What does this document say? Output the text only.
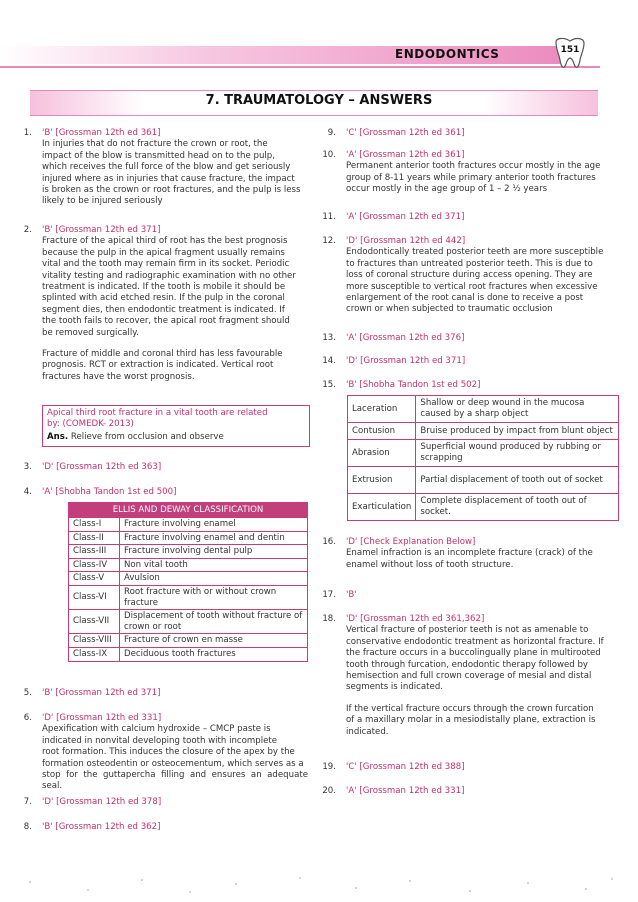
ENDODONTICS	151
7. TRAUMATOLOGY – ANSWERS
1. 'B' [Grossman 12th ed 361]
In injuries that do not fracture the crown or root, the
impact of the blow is transmitted head on to the pulp,
which receives the full force of the blow and get seriously
injured where as in injuries that cause fracture, the impact
is broken as the crown or root fractures, and the pulp is less
likely to be injured seriously
2. 'B' [Grossman 12th ed 371]
Fracture of the apical third of root has the best prognosis
because the pulp in the apical fragment usually remains
vital and the tooth may remain firm in its socket. Periodic
vitality testing and radiographic examination with no other
treatment is indicated. If the tooth is mobile it should be
splinted with acid etched resin. If the pulp in the coronal
segment dies, then endodontic treatment is indicated. If
the tooth fails to recover, the apical root fragment should
be removed surgically.
Fracture of middle and coronal third has less favourable
prognosis. RCT or extraction is indicated. Vertical root
fractures have the worst prognosis.
Apical third root fracture in a vital tooth are related
by: (COMEDK- 2013)
Ans. Relieve from occlusion and observe
3. 'D' [Grossman 12th ed 363]
4. 'A' [Shobha Tandon 1st ed 500]
ELLIS AND DEWAY CLASSIFICATION	
Class-I	Fracture involving enamel
Class-II	Fracture involving enamel and dentin
Class-III	Fracture involving dental pulp
Class-IV	Non vital tooth
Class-V	Avulsion
Class-VI	Root fracture with or without crown fracture
Class-VII	Displacement of tooth without fracture of crown or root
Class-VIII	Fracture of crown en masse
Class-IX	Deciduous tooth fractures
5. 'B' [Grossman 12th ed 371]
6. 'D' [Grossman 12th ed 331]
Apexification with calcium hydroxide – CMCP paste is
indicated in nonvital developing tooth with incomplete
root formation. This induces the closure of the apex by the
formation osteodentin or osteocementum, which serves as a
stop for the guttapercha filling and ensures an adequate seal.
7. 'D' [Grossman 12th ed 378]
8. 'B' [Grossman 12th ed 362]
9. 'C' [Grossman 12th ed 361]
10. 'A' [Grossman 12th ed 361]
Permanent anterior tooth fractures occur mostly in the age
group of 8-11 years while primary anterior tooth fractures
occur mostly in the age group of 1 – 2 ½ years
11. 'A' [Grossman 12th ed 371]
12. 'D' [Grossman 12th ed 442]
Endodontically treated posterior teeth are more susceptible
to fractures than untreated posterior teeth. This is due to
loss of coronal structure during access opening. They are
more susceptible to vertical root fractures when excessive
enlargement of the root canal is done to receive a post
crown or when subjected to traumatic occlusion
13. 'A' [Grossman 12th ed 376]
14. 'D' [Grossman 12th ed 371]
15. 'B' [Shobha Tandon 1st ed 502]
Laceration	Shallow or deep wound in the mucosa caused by a sharp object
Contusion	Bruise produced by impact from blunt object
Abrasion	Superficial wound produced by rubbing or scrapping
Extrusion	Partial displacement of tooth out of socket
Exarticulation	Complete displacement of tooth out of socket.
16. 'D' [Check Explanation Below]
Enamel infraction is an incomplete fracture (crack) of the
enamel without loss of tooth structure.
17. 'B'
18. 'D' [Grossman 12th ed 361,362]
Vertical fracture of posterior teeth is not as amenable to
conservative endodontic treatment as horizontal fracture. If
the fracture occurs in a buccolingually plane in multirooted
tooth through furcation, endodontic therapy followed by
hemisection and full crown coverage of mesial and distal
segments is indicated.
If the vertical fracture occurs through the crown furcation
of a maxillary molar in a mesiodistally plane, extraction is
indicated.
19. 'C' [Grossman 12th ed 388]
20. 'A' [Grossman 12th ed 331]
